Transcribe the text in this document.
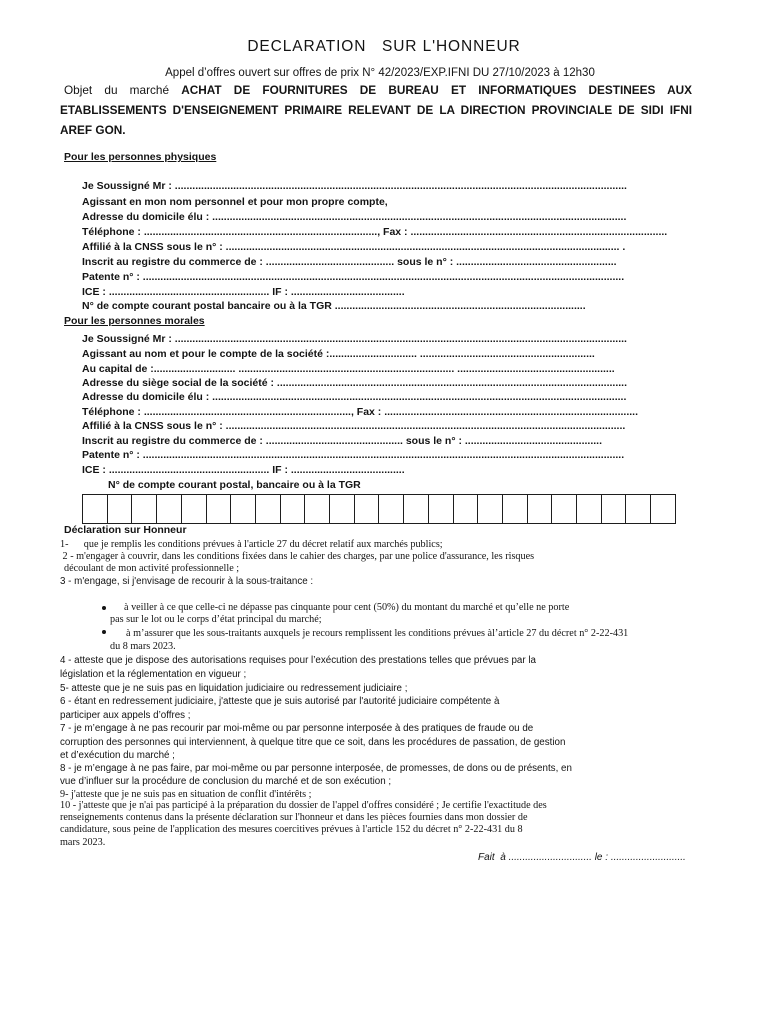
DECLARATION   SUR L'HONNEUR
Appel d’offres ouvert sur offres de prix N° 42/2023/EXP.IFNI DU 27/10/2023 à 12h30
Objet du marché ACHAT DE FOURNITURES DE BUREAU ET INFORMATIQUES DESTINEES AUX
ETABLISSEMENTS D'ENSEIGNEMENT PRIMAIRE RELEVANT DE LA DIRECTION PROVINCIALE DE SIDI IFNI
AREF GON.
Pour les personnes physiques
Je Soussigné Mr : ...........................................................................................................................................................
Agissant en mon nom personnel et pour mon propre compte,
Adresse du domicile élu : ..............................................................................................................................................
Téléphone : ................................................................................, Fax : ........................................................................................
Affilié à la CNSS sous le n° : ....................................................................................................................................... .
Inscrit au registre du commerce de : ............................................ sous le n° : .......................................................
Patente n° : .....................................................................................................................................................................
ICE : ....................................................... IF : .......................................
N° de compte courant postal bancaire ou à la TGR ......................................................................................
Pour les personnes morales
Je Soussigné Mr : ...........................................................................................................................................................
Agissant au nom et pour le compte de la société :.............................. ............................................................
Au capital de :............................ .......................................................................... ......................................................
Adresse du siège social de la société : ........................................................................................................................
Adresse du domicile élu : ..............................................................................................................................................
Téléphone : ......................................................................., Fax : .......................................................................................
Affilié à la CNSS sous le n° : .........................................................................................................................................
Inscrit au registre du commerce de : ............................................... sous le n° : ...............................................
Patente n° : .....................................................................................................................................................................
ICE : ....................................................... IF : .......................................
N° de compte courant postal, bancaire ou à la TGR
Déclaration sur Honneur
1-      que je remplis les conditions prévues à l'article 27 du décret relatif aux marchés publics;
2 - m'engager à couvrir, dans les conditions fixées dans le cahier des charges, par une police d'assurance, les risques
découlant de mon activité professionnelle ;
3 - m'engage, si j'envisage de recourir à la sous-traitance :
à veiller à ce que celle-ci ne dépasse pas cinquante pour cent (50%) du montant du marché et qu’elle ne porte
pas sur le lot ou le corps d’état principal du marché;
à m’assurer que les sous-traitants auxquels je recours remplissent les conditions prévues àl’article 27 du décret n° 2-22-431
du 8 mars 2023.
4 - atteste que je dispose des autorisations requises pour l’exécution des prestations telles que prévues par la
législation et la réglementation en vigueur ;
5- atteste que je ne suis pas en liquidation judiciaire ou redressement judiciaire ;
6 - étant en redressement judiciaire, j'atteste que je suis autorisé par l'autorité judiciaire compétente à
participer aux appels d’offres ;
7 - je m’engage à ne pas recourir par moi-même ou par personne interposée à des pratiques de fraude ou de
corruption des personnes qui interviennent, à quelque titre que ce soit, dans les procédures de passation, de gestion
et d’exécution du marché ;
8 - je m’engage à ne pas faire, par moi-même ou par personne interposée, de promesses, de dons ou de présents, en
vue d’influer sur la procédure de conclusion du marché et de son exécution ;
9- j'atteste que je ne suis pas en situation de conflit d'intérêts ;
10 - j'atteste que je n'ai pas participé à la préparation du dossier de l'appel d'offres considéré ; Je certifie l'exactitude des
renseignements contenus dans la présente déclaration sur l'honneur et dans les pièces fournies dans mon dossier de
candidature, sous peine de l'application des mesures coercitives prévues à l'article 152 du décret n° 2-22-431 du 8
mars 2023.
Fait  à .............................. le : ...........................
